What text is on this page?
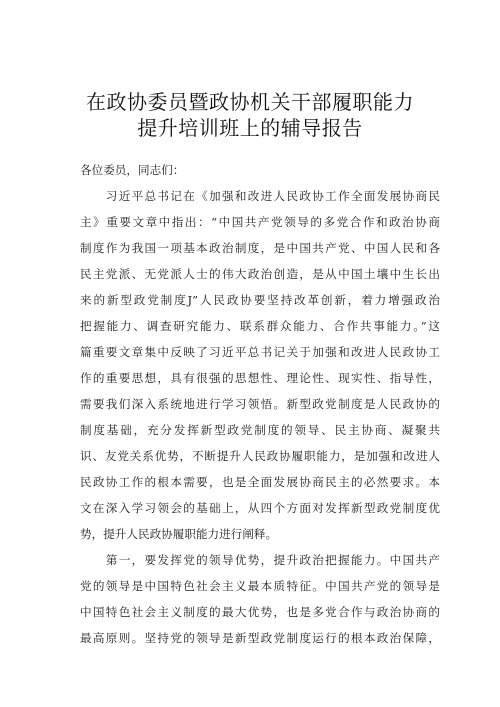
在政协委员暨政协机关干部履职能力
提升培训班上的辅导报告
各位委员，同志们：
　　习近平总书记在《加强和改进人民政协工作全面发展协商民
主》重要文章中指出：“中国共产党领导的多党合作和政治协商
制度作为我国一项基本政治制度，是中国共产党、中国人民和各
民主党派、无党派人士的伟大政治创造，是从中国土壤中生长出
来的新型政党制度J”人民政协要坚持改革创新，着力增强政治
把握能力、调查研究能力、联系群众能力、合作共事能力。”这
篇重要文章集中反映了习近平总书记关于加强和改进人民政协工
作的重要思想，具有很强的思想性、理论性、现实性、指导性，
需要我们深入系统地进行学习领悟。新型政党制度是人民政协的
制度基础，充分发挥新型政党制度的领导、民主协商、凝聚共
识、友党关系优势，不断提升人民政协履职能力，是加强和改进人
民政协工作的根本需要，也是全面发展协商民主的必然要求。本
文在深入学习领会的基础上，从四个方面对发挥新型政党制度优
势，提升人民政协履职能力进行阐释。
　　第一，要发挥党的领导优势，提升政治把握能力。中国共产
党的领导是中国特色社会主义最本质特征。中国共产党的领导是
中国特色社会主义制度的最大优势，也是多党合作与政治协商的
最高原则。坚持党的领导是新型政党制度运行的根本政治保障，
